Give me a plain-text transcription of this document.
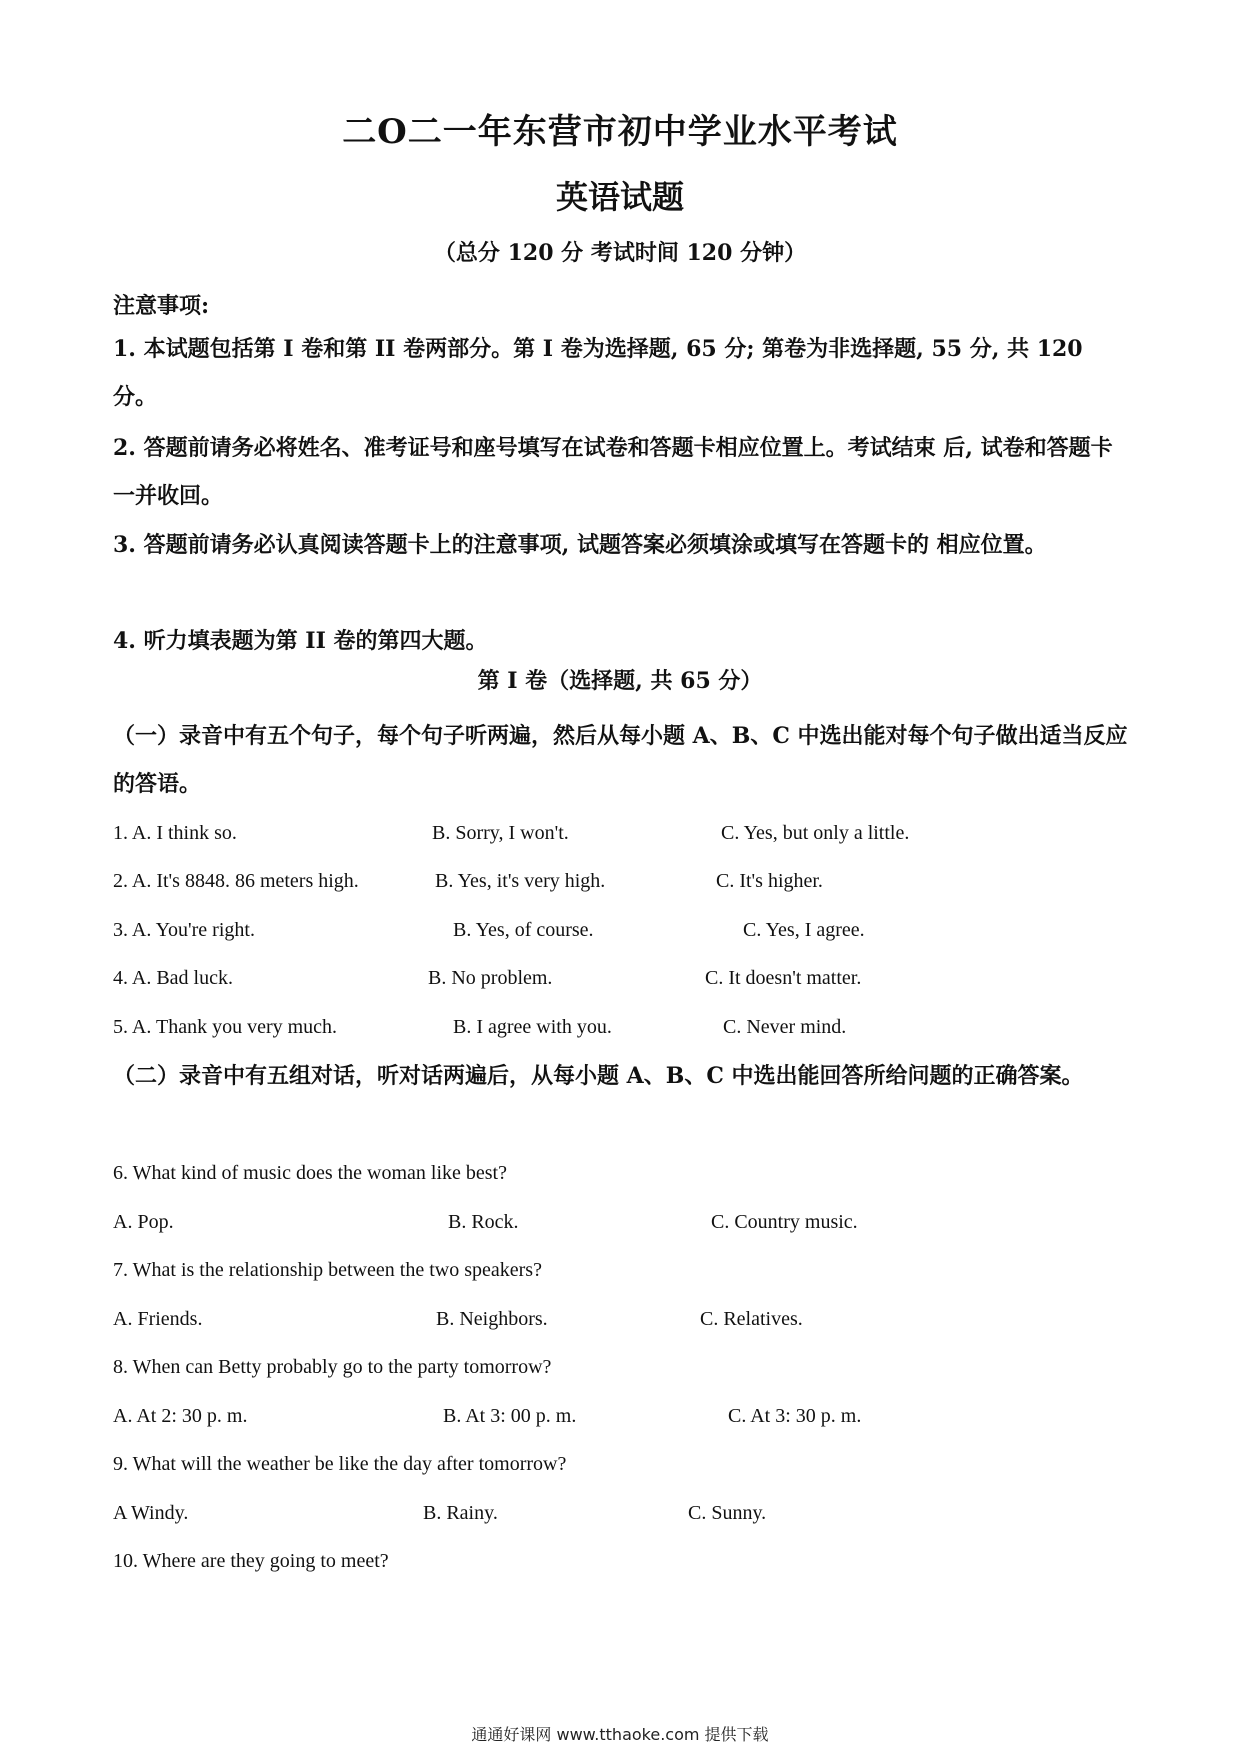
二O二一年东营市初中学业水平考试
英语试题
（总分 120 分 考试时间 120 分钟）
注意事项:
1. 本试题包括第 I 卷和第 II 卷两部分。第 I 卷为选择题, 65 分; 第卷为非选择题, 55 分, 共 120 分。
2. 答题前请务必将姓名、准考证号和座号填写在试卷和答题卡相应位置上。考试结束 后, 试卷和答题卡一并收回。
3. 答题前请务必认真阅读答题卡上的注意事项, 试题答案必须填涂或填写在答题卡的 相应位置。
4. 听力填表题为第 II 卷的第四大题。
第 I 卷（选择题, 共 65 分）
（一）录音中有五个句子，每个句子听两遍，然后从每小题 A、B、C 中选出能对每个句子做出适当反应的答语。
1. A. I think so.	B. Sorry, I won't.	C. Yes, but only a little.
2. A. It's 8848. 86 meters high.	B. Yes, it's very high.	C. It's higher.
3. A. You're right.	B. Yes, of course.	C. Yes, I agree.
4. A. Bad luck.	B. No problem.	C. It doesn't matter.
5. A. Thank you very much.	B. I agree with you.	C. Never mind.
（二）录音中有五组对话，听对话两遍后，从每小题 A、B、C 中选出能回答所给问题的正确答案。
6. What kind of music does the woman like best?
A. Pop.	B. Rock.	C. Country music.
7. What is the relationship between the two speakers?
A. Friends.	B. Neighbors.	C. Relatives.
8. When can Betty probably go to the party tomorrow?
A. At 2: 30 p. m.	B. At 3: 00 p. m.	C. At 3: 30 p. m.
9. What will the weather be like the day after tomorrow?
A Windy.	B. Rainy.	C. Sunny.
10. Where are they going to meet?
通通好课网 www.tthaoke.com 提供下载
